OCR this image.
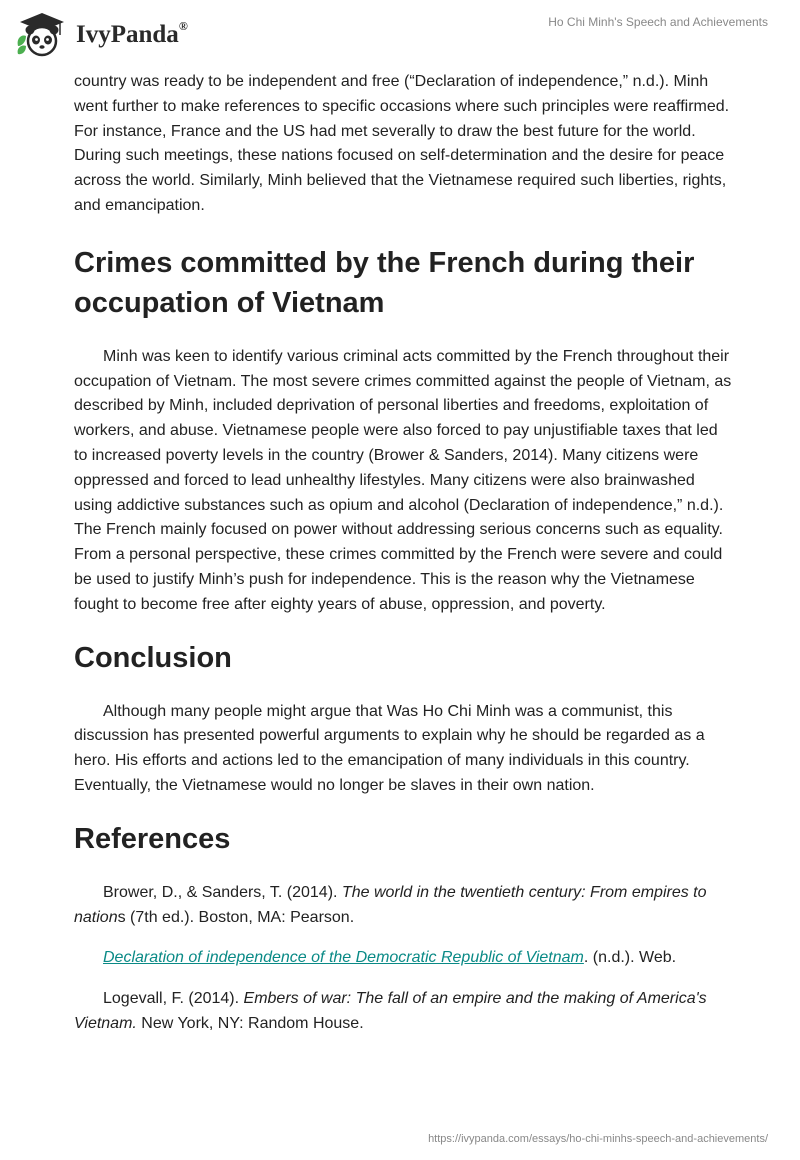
IvyPanda®	Ho Chi Minh's Speech and Achievements

country was ready to be independent and free (“Declaration of independence,” n.d.). Minh went further to make references to specific occasions where such principles were reaffirmed. For instance, France and the US had met severally to draw the best future for the world. During such meetings, these nations focused on self-determination and the desire for peace across the world. Similarly, Minh believed that the Vietnamese required such liberties, rights, and emancipation.

Crimes committed by the French during their occupation of Vietnam

Minh was keen to identify various criminal acts committed by the French throughout their occupation of Vietnam. The most severe crimes committed against the people of Vietnam, as described by Minh, included deprivation of personal liberties and freedoms, exploitation of workers, and abuse. Vietnamese people were also forced to pay unjustifiable taxes that led to increased poverty levels in the country (Brower & Sanders, 2014). Many citizens were oppressed and forced to lead unhealthy lifestyles. Many citizens were also brainwashed using addictive substances such as opium and alcohol (Declaration of independence,” n.d.). The French mainly focused on power without addressing serious concerns such as equality. From a personal perspective, these crimes committed by the French were severe and could be used to justify Minh’s push for independence. This is the reason why the Vietnamese fought to become free after eighty years of abuse, oppression, and poverty.

Conclusion

Although many people might argue that Was Ho Chi Minh was a communist, this discussion has presented powerful arguments to explain why he should be regarded as a hero. His efforts and actions led to the emancipation of many individuals in this country. Eventually, the Vietnamese would no longer be slaves in their own nation.

References

Brower, D., & Sanders, T. (2014). The world in the twentieth century: From empires to nations (7th ed.). Boston, MA: Pearson.

Declaration of independence of the Democratic Republic of Vietnam. (n.d.). Web.

Logevall, F. (2014). Embers of war: The fall of an empire and the making of America's Vietnam. New York, NY: Random House.

https://ivypanda.com/essays/ho-chi-minhs-speech-and-achievements/
